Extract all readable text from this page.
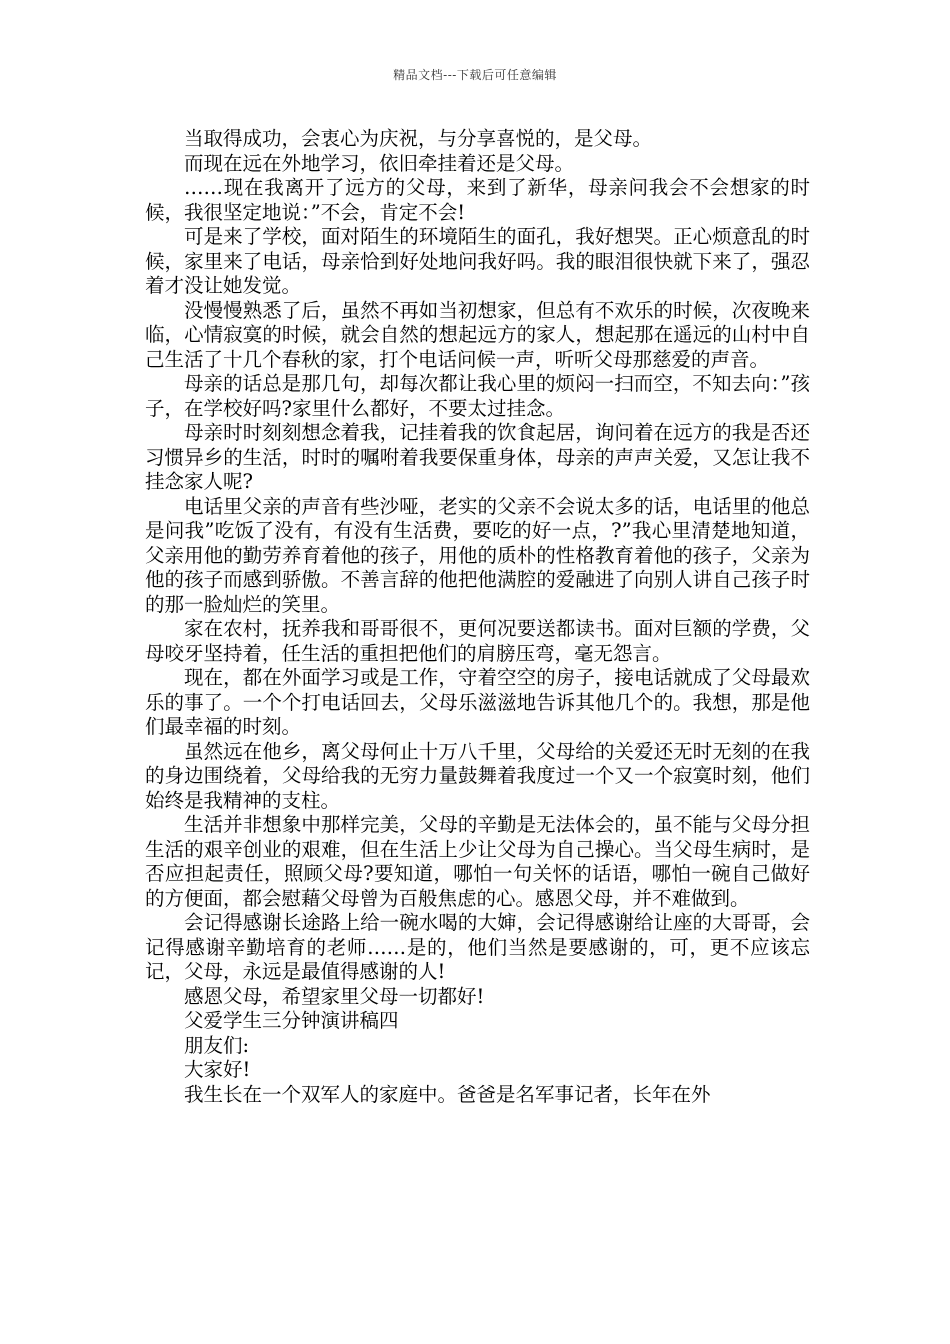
精品文档---下载后可任意编辑

当取得成功，会衷心为庆祝，与分享喜悦的，是父母。

而现在远在外地学习，依旧牵挂着还是父母。

……现在我离开了远方的父母，来到了新华，母亲问我会不会想家的时候，我很坚定地说：”不会，肯定不会!

可是来了学校，面对陌生的环境陌生的面孔，我好想哭。正心烦意乱的时候，家里来了电话，母亲恰到好处地问我好吗。我的眼泪很快就下来了，强忍着才没让她发觉。

没慢慢熟悉了后，虽然不再如当初想家，但总有不欢乐的时候，次夜晚来临，心情寂寞的时候，就会自然的想起远方的家人，想起那在遥远的山村中自己生活了十几个春秋的家，打个电话问候一声，听听父母那慈爱的声音。

母亲的话总是那几句，却每次都让我心里的烦闷一扫而空，不知去向：”孩子，在学校好吗?家里什么都好，不要太过挂念。

母亲时时刻刻想念着我，记挂着我的饮食起居，询问着在远方的我是否还习惯异乡的生活，时时的嘱咐着我要保重身体，母亲的声声关爱，又怎让我不挂念家人呢?

电话里父亲的声音有些沙哑，老实的父亲不会说太多的话，电话里的他总是问我”吃饭了没有，有没有生活费，要吃的好一点，?”我心里清楚地知道，父亲用他的勤劳养育着他的孩子，用他的质朴的性格教育着他的孩子，父亲为他的孩子而感到骄傲。不善言辞的他把他满腔的爱融进了向别人讲自己孩子时的那一脸灿烂的笑里。

家在农村，抚养我和哥哥很不，更何况要送都读书。面对巨额的学费，父母咬牙坚持着，任生活的重担把他们的肩膀压弯，毫无怨言。

现在，都在外面学习或是工作，守着空空的房子，接电话就成了父母最欢乐的事了。一个个打电话回去，父母乐滋滋地告诉其他几个的。我想，那是他们最幸福的时刻。

虽然远在他乡，离父母何止十万八千里，父母给的关爱还无时无刻的在我的身边围绕着，父母给我的无穷力量鼓舞着我度过一个又一个寂寞时刻，他们始终是我精神的支柱。

生活并非想象中那样完美，父母的辛勤是无法体会的，虽不能与父母分担生活的艰辛创业的艰难，但在生活上少让父母为自己操心。当父母生病时，是否应担起责任，照顾父母?要知道，哪怕一句关怀的话语，哪怕一碗自己做好的方便面，都会慰藉父母曾为百般焦虑的心。感恩父母，并不难做到。

会记得感谢长途路上给一碗水喝的大婶，会记得感谢给让座的大哥哥，会记得感谢辛勤培育的老师……是的，他们当然是要感谢的，可，更不应该忘记，父母，永远是最值得感谢的人!

感恩父母，希望家里父母一切都好!

父爱学生三分钟演讲稿四

朋友们:

大家好!

我生长在一个双军人的家庭中。爸爸是名军事记者，长年在外
